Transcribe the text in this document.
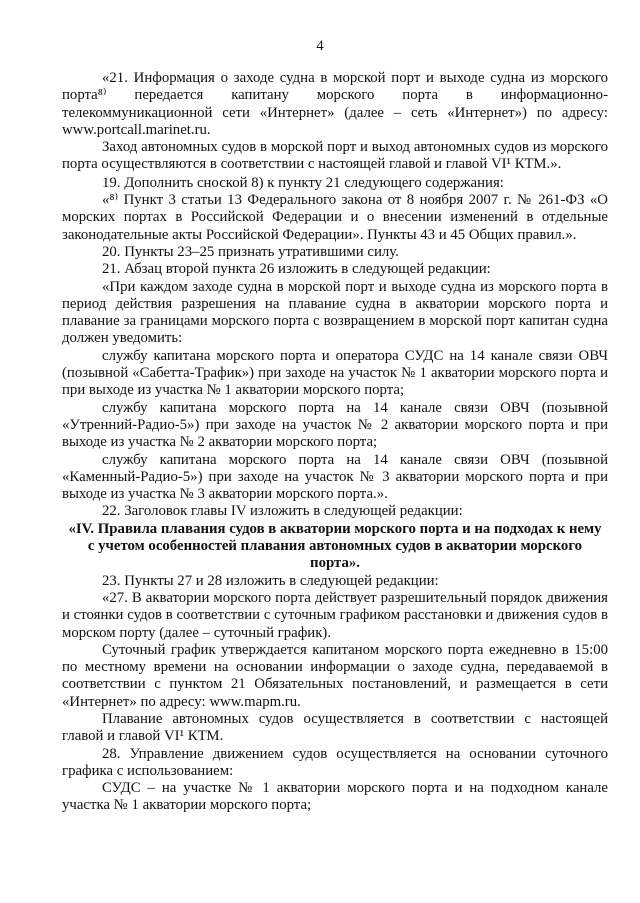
4

«21. Информация о заходе судна в морской порт и выходе судна из морского порта⁸⁾ передается капитану морского порта в информационно-телекоммуникационной сети «Интернет» (далее – сеть «Интернет») по адресу: www.portcall.marinet.ru.

Заход автономных судов в морской порт и выход автономных судов из морского порта осуществляются в соответствии с настоящей главой и главой VI¹ КТМ.».

19. Дополнить сноской 8) к пункту 21 следующего содержания:

«⁸⁾ Пункт 3 статьи 13 Федерального закона от 8 ноября 2007 г. № 261-ФЗ «О морских портах в Российской Федерации и о внесении изменений в отдельные законодательные акты Российской Федерации». Пункты 43 и 45 Общих правил.».

20. Пункты 23–25 признать утратившими силу.

21. Абзац второй пункта 26 изложить в следующей редакции:

«При каждом заходе судна в морской порт и выходе судна из морского порта в период действия разрешения на плавание судна в акватории морского порта и плавание за границами морского порта с возвращением в морской порт капитан судна должен уведомить:

службу капитана морского порта и оператора СУДС на 14 канале связи ОВЧ (позывной «Сабетта-Трафик») при заходе на участок № 1 акватории морского порта и при выходе из участка № 1 акватории морского порта;

службу капитана морского порта на 14 канале связи ОВЧ (позывной «Утренний-Радио-5») при заходе на участок № 2 акватории морского порта и при выходе из участка № 2 акватории морского порта;

службу капитана морского порта на 14 канале связи ОВЧ (позывной «Каменный-Радио-5») при заходе на участок № 3 акватории морского порта и при выходе из участка № 3 акватории морского порта.».

22. Заголовок главы IV изложить в следующей редакции:

«IV. Правила плавания судов в акватории морского порта и на подходах к нему с учетом особенностей плавания автономных судов в акватории морского порта».

23. Пункты 27 и 28 изложить в следующей редакции:

«27. В акватории морского порта действует разрешительный порядок движения и стоянки судов в соответствии с суточным графиком расстановки и движения судов в морском порту (далее – суточный график).

Суточный график утверждается капитаном морского порта ежедневно в 15:00 по местному времени на основании информации о заходе судна, передаваемой в соответствии с пунктом 21 Обязательных постановлений, и размещается в сети «Интернет» по адресу: www.mapm.ru.

Плавание автономных судов осуществляется в соответствии с настоящей главой и главой VI¹ КТМ.

28. Управление движением судов осуществляется на основании суточного графика с использованием:

СУДС – на участке № 1 акватории морского порта и на подходном канале участка № 1 акватории морского порта;
